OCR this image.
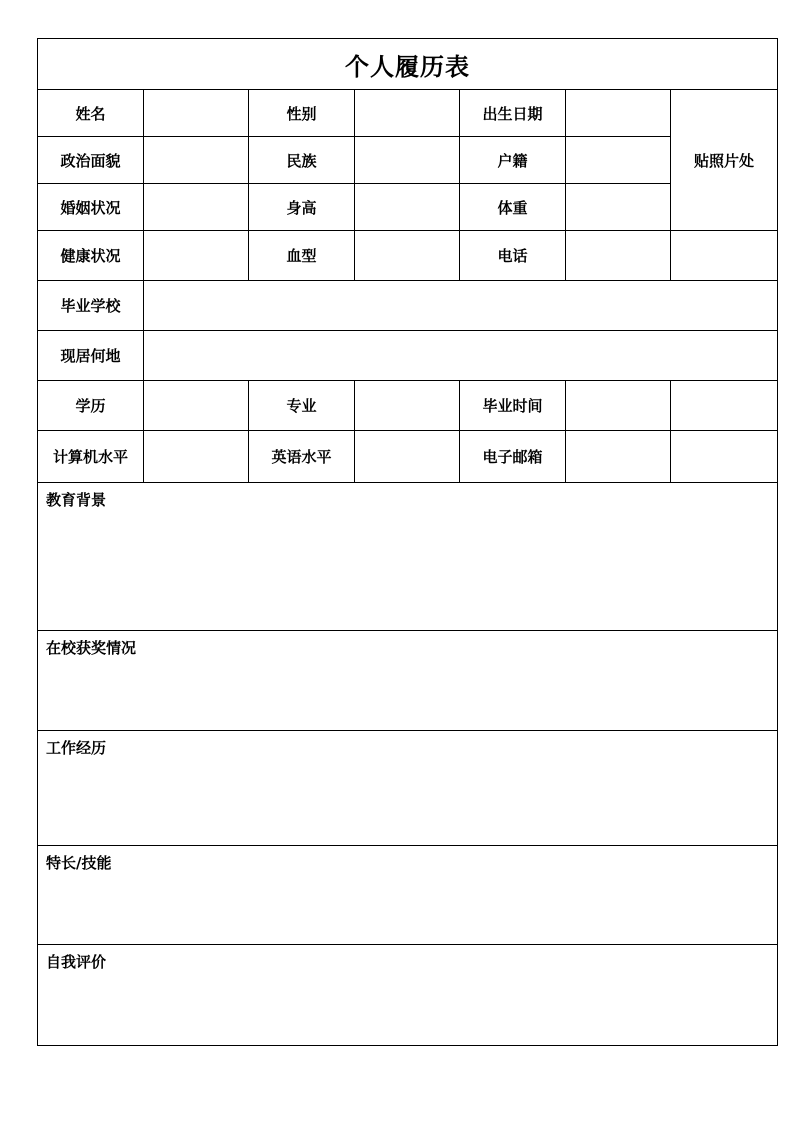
个人履历表						
姓名		性别		出生日期		贴照片处
政治面貌		民族		户籍		
婚姻状况		身高		体重		
健康状况		血型		电话		
毕业学校						
现居何地						
学历		专业		毕业时间		
计算机水平		英语水平		电子邮箱		

教育背景						

在校获奖情况						

工作经历						

特长/技能						

自我评价						
